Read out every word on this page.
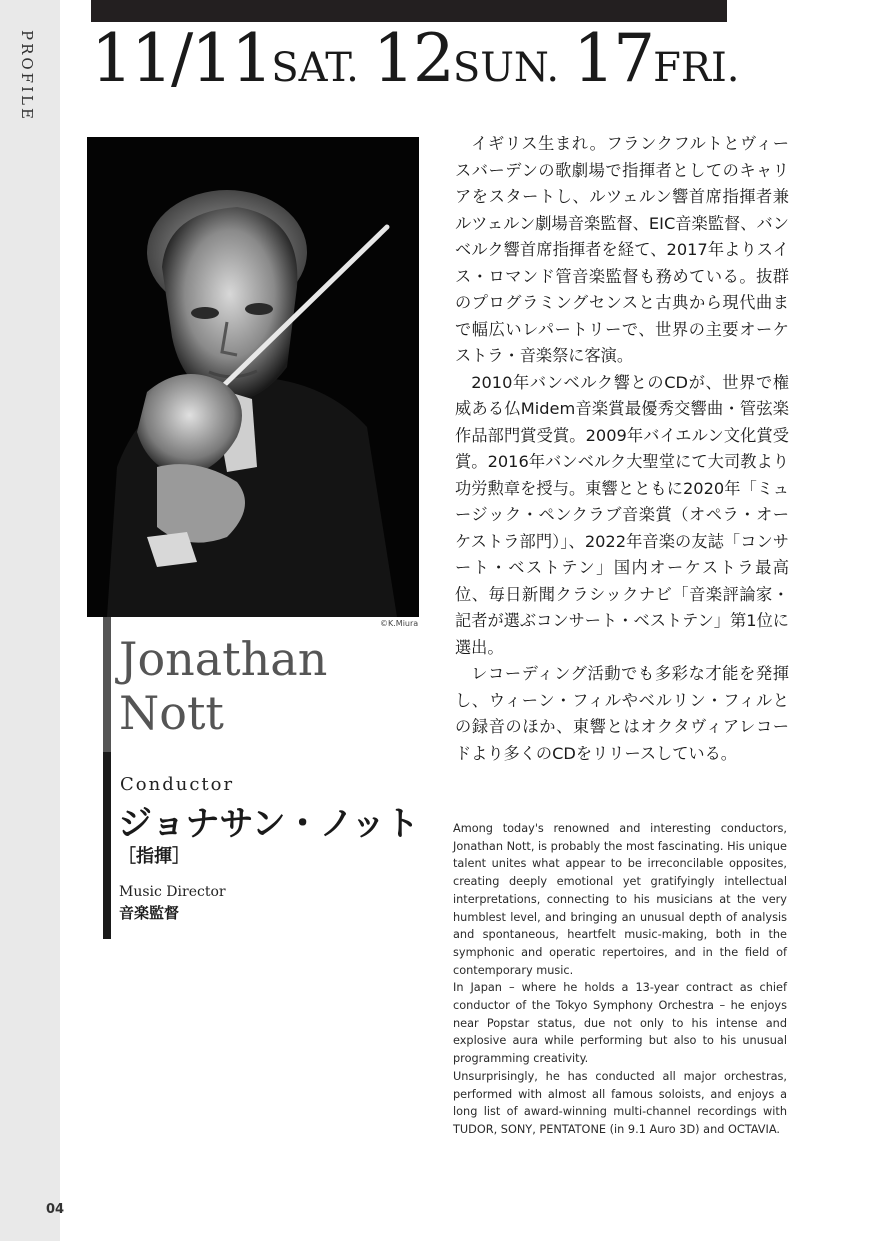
PROFILE
04
11/11SAT. 12SUN. 17FRI.
©K.Miura
Jonathan
Nott
Conductor
ジョナサン・ノット
［指揮］
Music Director
音楽監督

イギリス生まれ。フランクフルトとヴィースバーデンの歌劇場で指揮者としてのキャリアをスタートし、ルツェルン響首席指揮者兼ルツェルン劇場音楽監督、EIC音楽監督、バンベルク響首席指揮者を経て、2017年よりスイス・ロマンド管音楽監督も務めている。抜群のプログラミングセンスと古典から現代曲まで幅広いレパートリーで、世界の主要オーケストラ・音楽祭に客演。

2010年バンベルク響とのCDが、世界で権威ある仏Midem音楽賞最優秀交響曲・管弦楽作品部門賞受賞。2009年バイエルン文化賞受賞。2016年バンベルク大聖堂にて大司教より功労勲章を授与。東響とともに2020年「ミュージック・ペンクラブ音楽賞（オペラ・オーケストラ部門）」、2022年音楽の友誌「コンサート・ベストテン」国内オーケストラ最高位、毎日新聞クラシックナビ「音楽評論家・記者が選ぶコンサート・ベストテン」第1位に選出。

レコーディング活動でも多彩な才能を発揮し、ウィーン・フィルやベルリン・フィルとの録音のほか、東響とはオクタヴィアレコードより多くのCDをリリースしている。

Among today's renowned and interesting conductors, Jonathan Nott, is probably the most fascinating. His unique talent unites what appear to be irreconcilable opposites, creating deeply emotional yet gratifyingly intellectual interpretations, connecting to his musicians at the very humblest level, and bringing an unusual depth of analysis and spontaneous, heartfelt music-making, both in the symphonic and operatic repertoires, and in the field of contemporary music.

In Japan – where he holds a 13-year contract as chief conductor of the Tokyo Symphony Orchestra – he enjoys near Popstar status, due not only to his intense and explosive aura while performing but also to his unusual programming creativity.

Unsurprisingly, he has conducted all major orchestras, performed with almost all famous soloists, and enjoys a long list of award-winning multi-channel recordings with TUDOR, SONY, PENTATONE (in 9.1 Auro 3D) and OCTAVIA.
